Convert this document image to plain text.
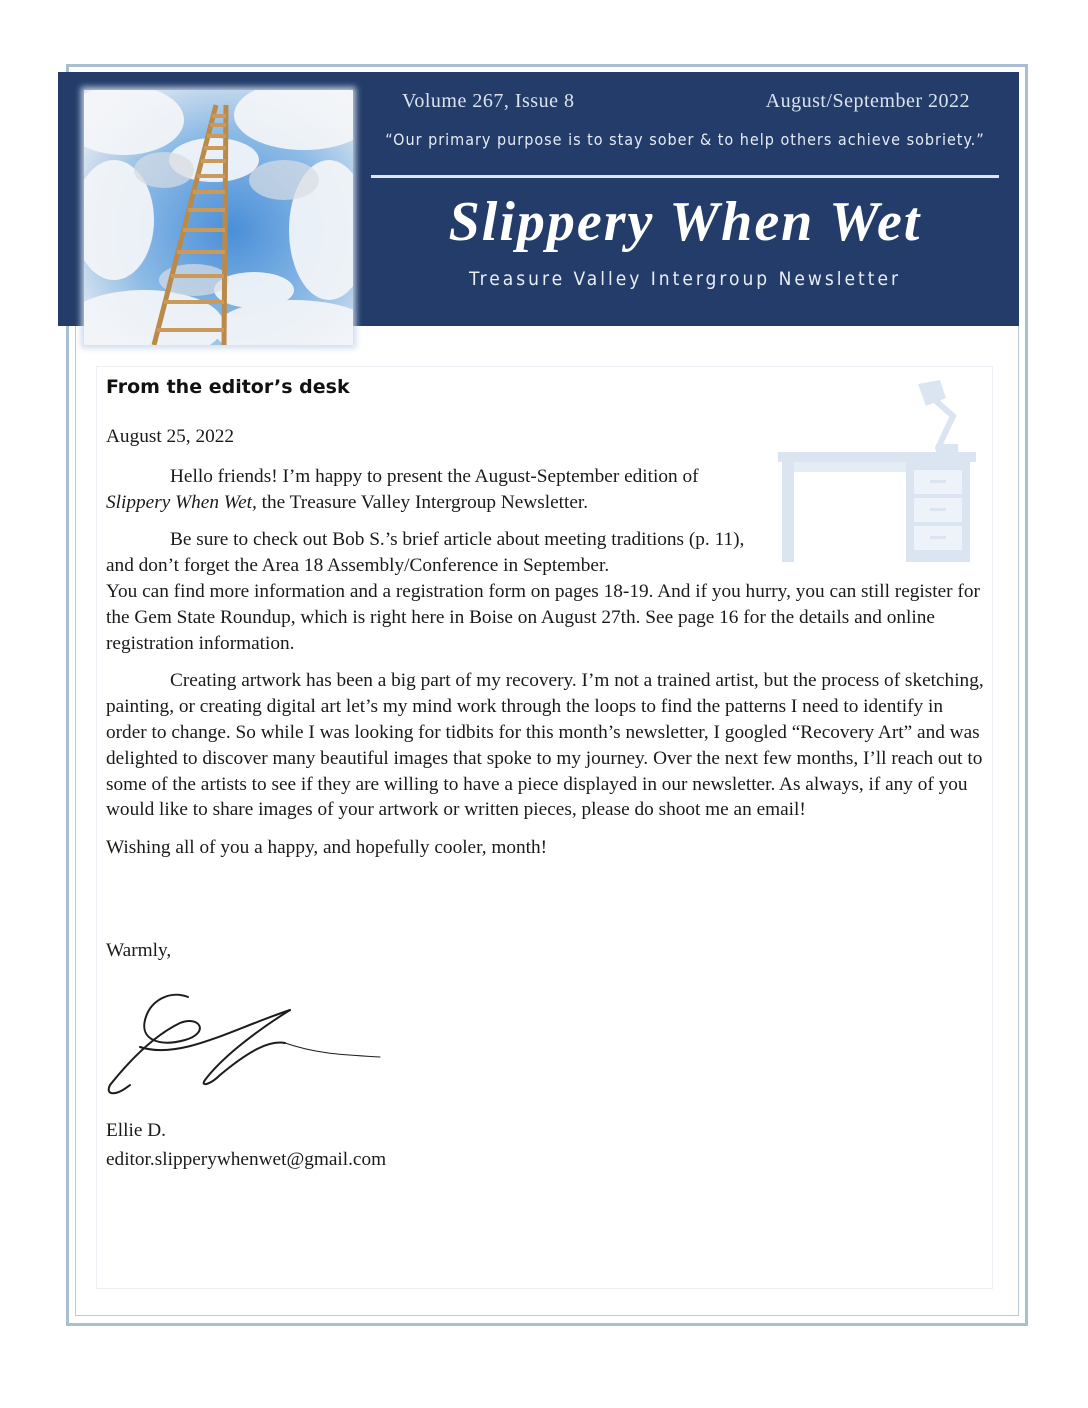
Volume 267, Issue 8	August/September 2022
“Our primary purpose is to stay sober & to help others achieve sobriety.”
Slippery When Wet
Treasure Valley Intergroup Newsletter
From the editor’s desk

August 25, 2022

Hello friends! I’m happy to present the August-September edition of Slippery When Wet, the Treasure Valley Intergroup Newsletter.

Be sure to check out Bob S.’s brief article about meeting traditions (p. 11), and don’t forget the Area 18 Assembly/Conference in September.

You can find more information and a registration form on pages 18-19. And if you hurry, you can still register for the Gem State Roundup, which is right here in Boise on August 27th. See page 16 for the details and online registration information.

Creating artwork has been a big part of my recovery. I’m not a trained artist, but the process of sketching, painting, or creating digital art let’s my mind work through the loops to find the patterns I need to identify in order to change. So while I was looking for tidbits for this month’s newsletter, I googled “Recovery Art” and was delighted to discover many beautiful images that spoke to my journey. Over the next few months, I’ll reach out to some of the artists to see if they are willing to have a piece displayed in our newsletter. As always, if any of you would like to share images of your artwork or written pieces, please do shoot me an email!

Wishing all of you a happy, and hopefully cooler, month!

Warmly,
Ellie D.
editor.slipperywhenwet@gmail.com
